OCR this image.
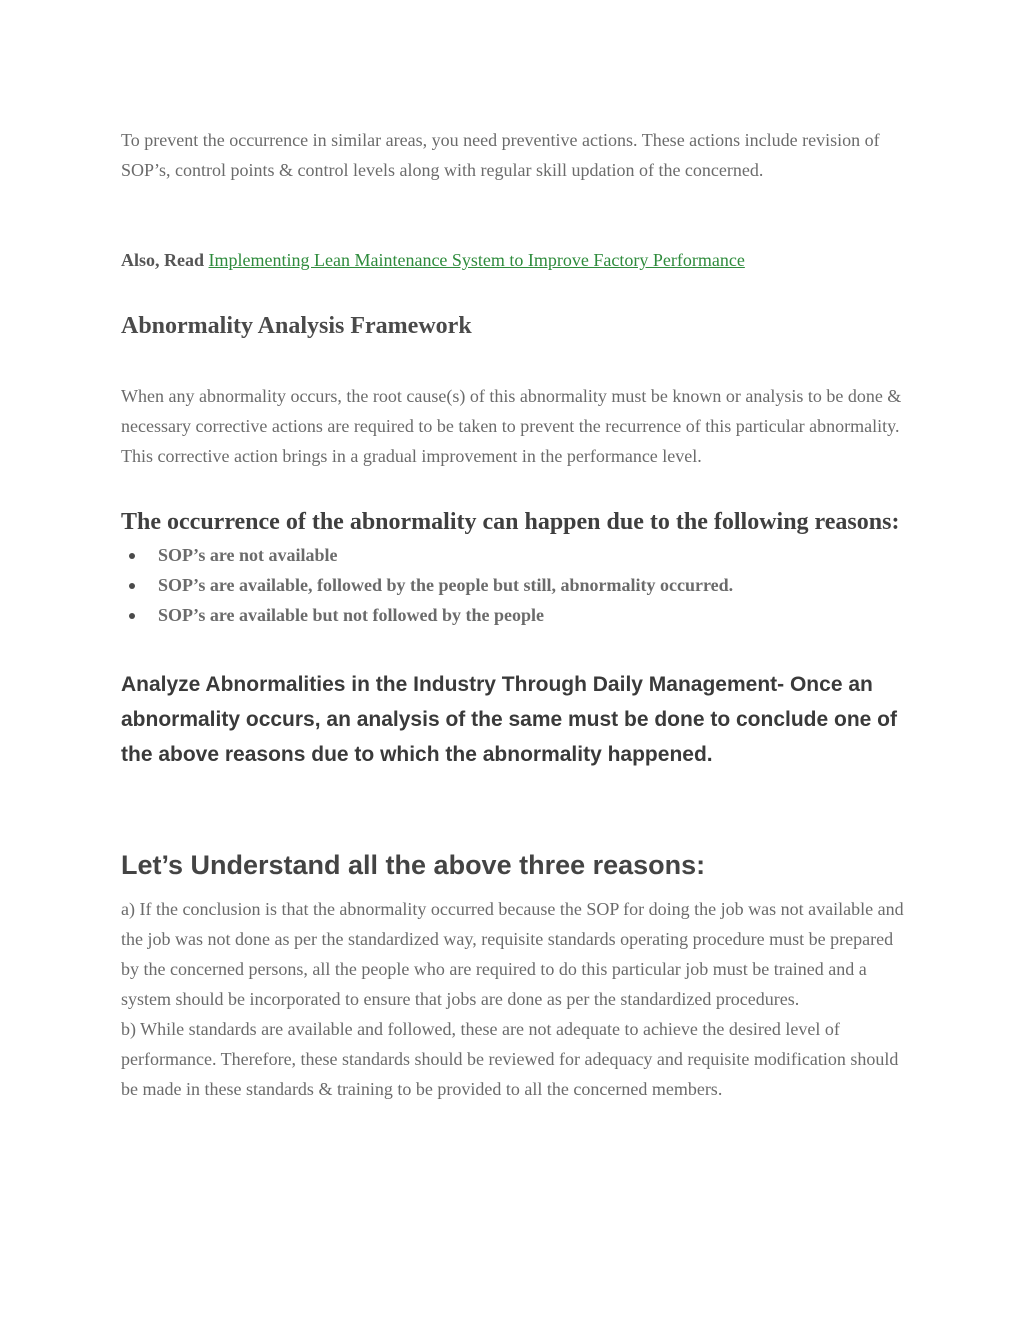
To prevent the occurrence in similar areas, you need preventive actions. These actions include revision of SOP’s, control points & control levels along with regular skill updation of the concerned.

Also, Read Implementing Lean Maintenance System to Improve Factory Performance

Abnormality Analysis Framework

When any abnormality occurs, the root cause(s) of this abnormality must be known or analysis to be done & necessary corrective actions are required to be taken to prevent the recurrence of this particular abnormality. This corrective action brings in a gradual improvement in the performance level.

The occurrence of the abnormality can happen due to the following reasons:
SOP’s are not available
SOP’s are available, followed by the people but still, abnormality occurred.
SOP’s are available but not followed by the people

Analyze Abnormalities in the Industry Through Daily Management- Once an abnormality occurs, an analysis of the same must be done to conclude one of the above reasons due to which the abnormality happened.

Let’s Understand all the above three reasons:

a) If the conclusion is that the abnormality occurred because the SOP for doing the job was not available and the job was not done as per the standardized way, requisite standards operating procedure must be prepared by the concerned persons, all the people who are required to do this particular job must be trained and a system should be incorporated to ensure that jobs are done as per the standardized procedures.

b) While standards are available and followed, these are not adequate to achieve the desired level of performance. Therefore, these standards should be reviewed for adequacy and requisite modification should be made in these standards & training to be provided to all the concerned members.
